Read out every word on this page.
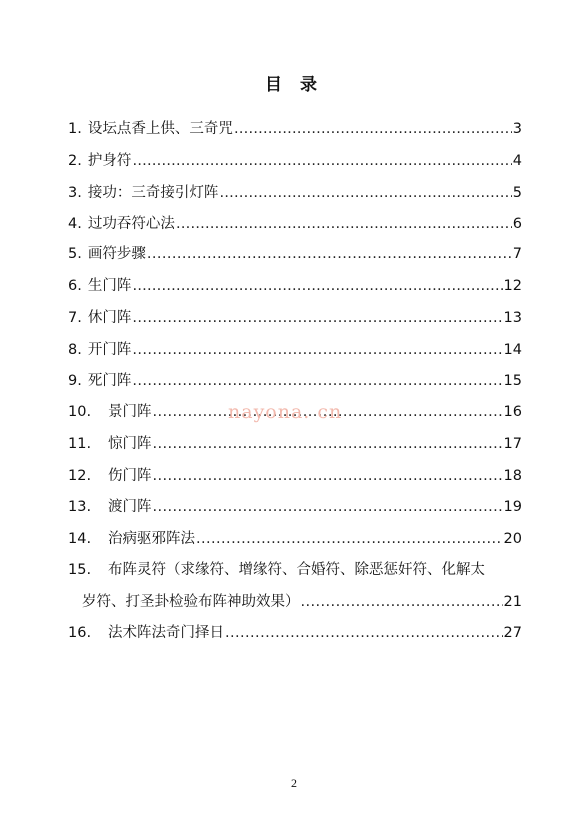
目 录
1. 设坛点香上供、三奇咒 …………………………………………………………………………………………………………………………	3
2. 护身符 …………………………………………………………………………………………………………………………	4
3. 接功：三奇接引灯阵 …………………………………………………………………………………………………………………………	5
4. 过功吞符心法 …………………………………………………………………………………………………………………………	6
5. 画符步骤 .....	7
6. 生门阵 …………………………………………………………………………………………………………………………	12
7. 休门阵 .....	13
8. 开门阵 .....	14
9. 死门阵 .....	15
10.	景门阵 .....	16
11.	惊门阵 .....	17
12.	伤门阵 .....	18
13.	渡门阵 .....	19
14.	治病驱邪阵法 .....	20
15.	布阵灵符（求缘符、增缘符、合婚符、除恶惩奸符、化解太
岁符、打圣卦检验布阵神助效果） .....	21
16.	法术阵法奇门择日 .....	27
nayona. cn
2
